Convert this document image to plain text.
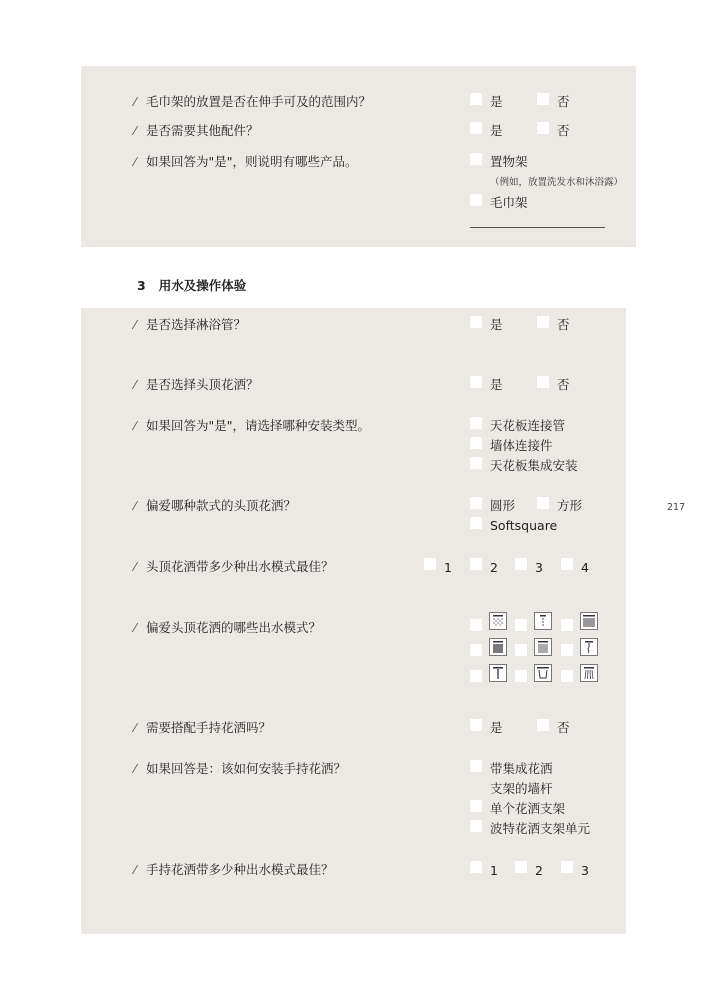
⁄ 毛巾架的放置是否在伸手可及的范围内？	是	否
⁄ 是否需要其他配件？	是	否
⁄ 如果回答为"是"，则说明有哪些产品。	置物架
（例如，放置洗发水和沐浴露）
毛巾架
3   用水及操作体验
⁄ 是否选择淋浴管？	是	否
⁄ 是否选择头顶花洒？	是	否
⁄ 如果回答为"是"，请选择哪种安装类型。	天花板连接管
墙体连接件
天花板集成安装
⁄ 偏爱哪种款式的头顶花洒？	圆形	方形
Softsquare
⁄ 头顶花洒带多少种出水模式最佳？	1	2	3	4
⁄ 偏爱头顶花洒的哪些出水模式？
⁄ 需要搭配手持花洒吗？	是	否
⁄ 如果回答是：该如何安装手持花洒？	带集成花洒
支架的墙杆
单个花洒支架
波特花洒支架单元
⁄ 手持花洒带多少种出水模式最佳？	1	2	3
217
